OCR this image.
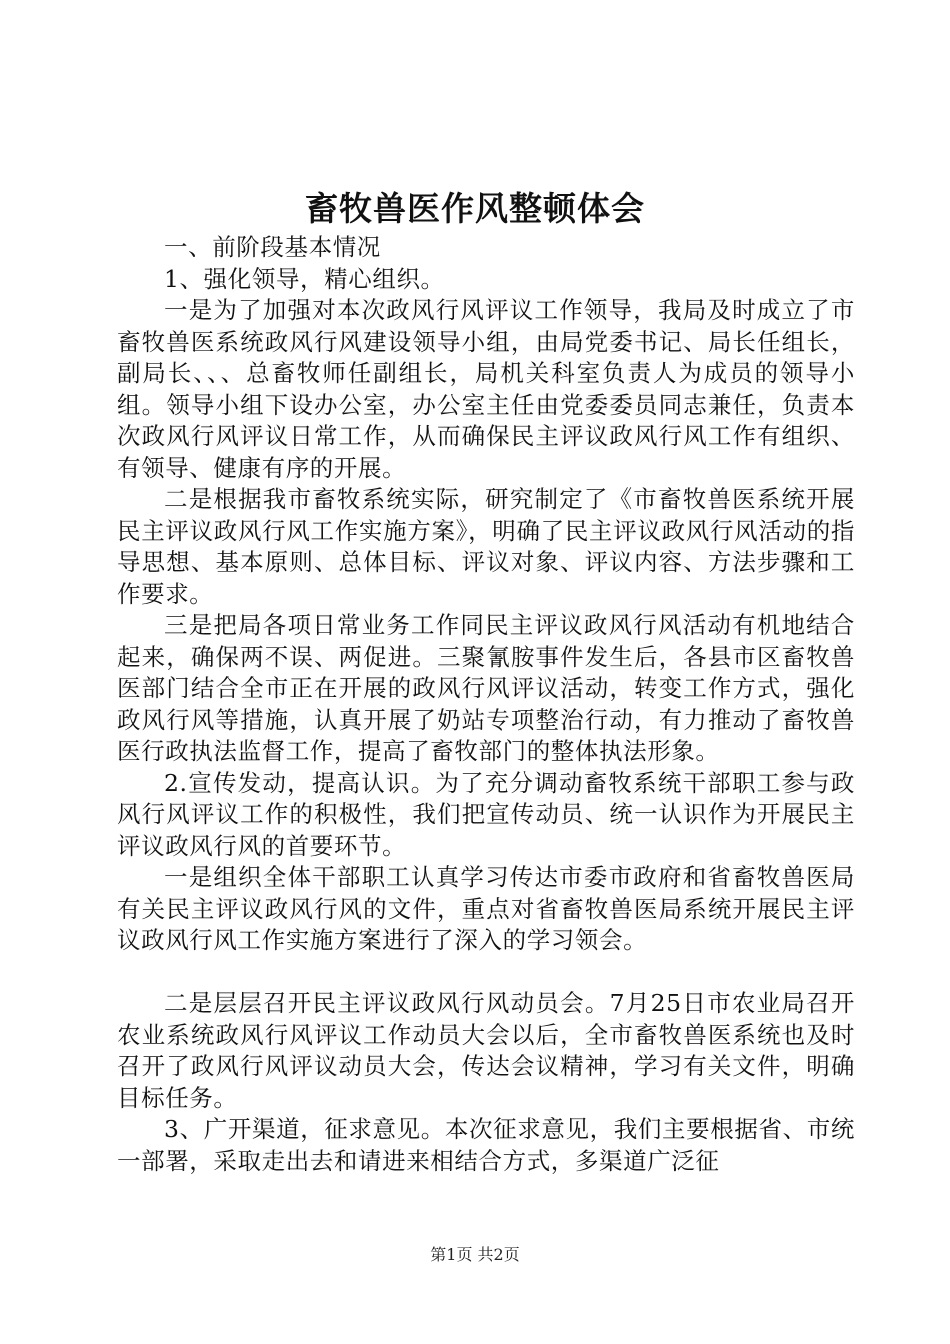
畜牧兽医作风整顿体会

一、前阶段基本情况

1、强化领导，精心组织。

一是为了加强对本次政风行风评议工作领导，我局及时成立了市畜牧兽医系统政风行风建设领导小组，由局党委书记、局长任组长，副局长、、、总畜牧师任副组长，局机关科室负责人为成员的领导小组。领导小组下设办公室，办公室主任由党委委员同志兼任，负责本次政风行风评议日常工作，从而确保民主评议政风行风工作有组织、有领导、健康有序的开展。

二是根据我市畜牧系统实际，研究制定了《市畜牧兽医系统开展民主评议政风行风工作实施方案》，明确了民主评议政风行风活动的指导思想、基本原则、总体目标、评议对象、评议内容、方法步骤和工作要求。

三是把局各项日常业务工作同民主评议政风行风活动有机地结合起来，确保两不误、两促进。三聚氰胺事件发生后，各县市区畜牧兽医部门结合全市正在开展的政风行风评议活动，转变工作方式，强化政风行风等措施，认真开展了奶站专项整治行动，有力推动了畜牧兽医行政执法监督工作，提高了畜牧部门的整体执法形象。

2.宣传发动，提高认识。为了充分调动畜牧系统干部职工参与政风行风评议工作的积极性，我们把宣传动员、统一认识作为开展民主评议政风行风的首要环节。

一是组织全体干部职工认真学习传达市委市政府和省畜牧兽医局有关民主评议政风行风的文件，重点对省畜牧兽医局系统开展民主评议政风行风工作实施方案进行了深入的学习领会。

二是层层召开民主评议政风行风动员会。7月25日市农业局召开农业系统政风行风评议工作动员大会以后，全市畜牧兽医系统也及时召开了政风行风评议动员大会，传达会议精神，学习有关文件，明确目标任务。

3、广开渠道，征求意见。本次征求意见，我们主要根据省、市统一部署，采取走出去和请进来相结合方式，多渠道广泛征

第1页 共2页
